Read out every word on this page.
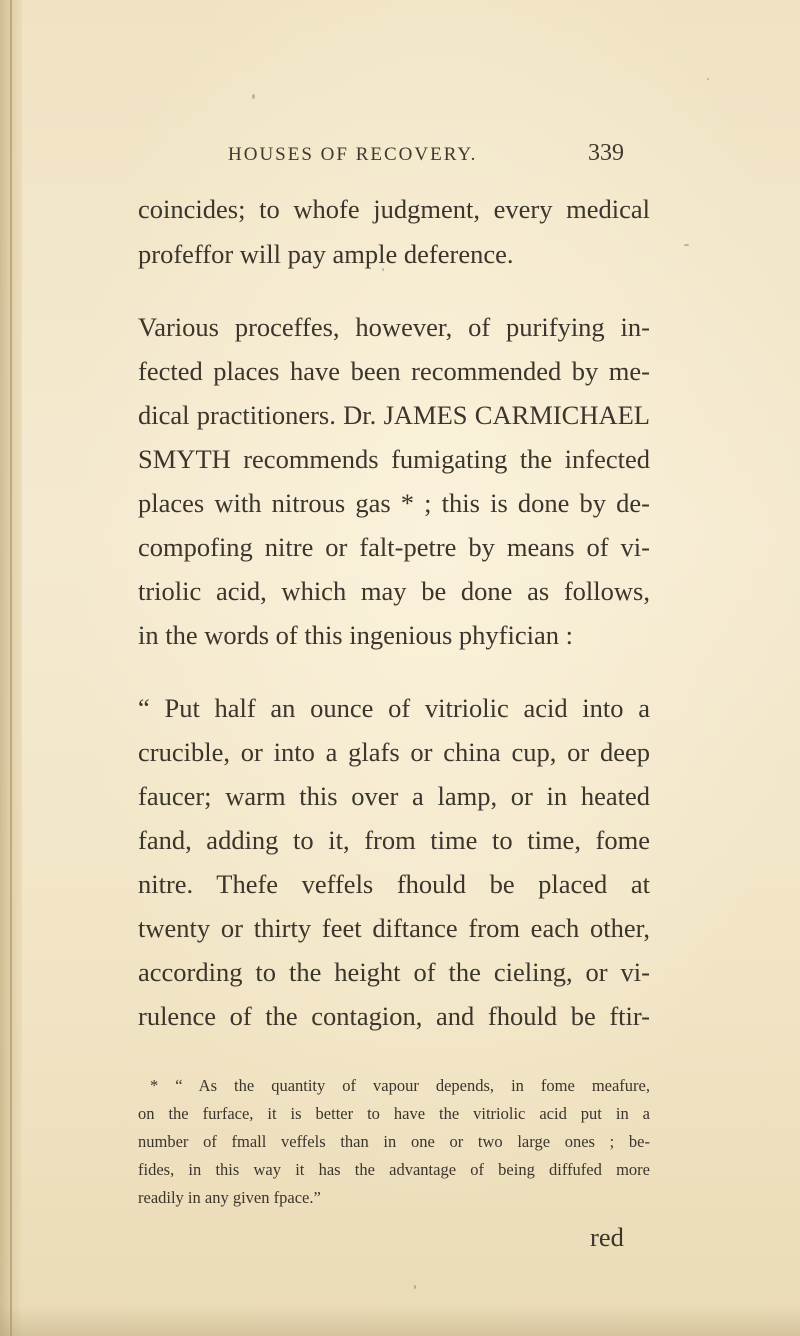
HOUSES OF RECOVERY.	339
coincides; to whofe judgment, every medical
profeffor will pay ample deference.
Various proceffes, however, of purifying in-
fected places have been recommended by me-
dical practitioners. Dr. JAMES CARMICHAEL
SMYTH recommends fumigating the infected
places with nitrous gas * ; this is done by de-
compofing nitre or falt-petre by means of vi-
triolic acid, which may be done as follows,
in the words of this ingenious phyfician :
“ Put half an ounce of vitriolic acid into a
crucible, or into a glafs or china cup, or deep
faucer; warm this over a lamp, or in heated
fand, adding to it, from time to time, fome
nitre. Thefe veffels fhould be placed at
twenty or thirty feet diftance from each other,
according to the height of the cieling, or vi-
rulence of the contagion, and fhould be ftir-
* “ As the quantity of vapour depends, in fome meafure,
on the furface, it is better to have the vitriolic acid put in a
number of fmall veffels than in one or two large ones ; be-
fides, in this way it has the advantage of being diffufed more
readily in any given fpace.”
red
